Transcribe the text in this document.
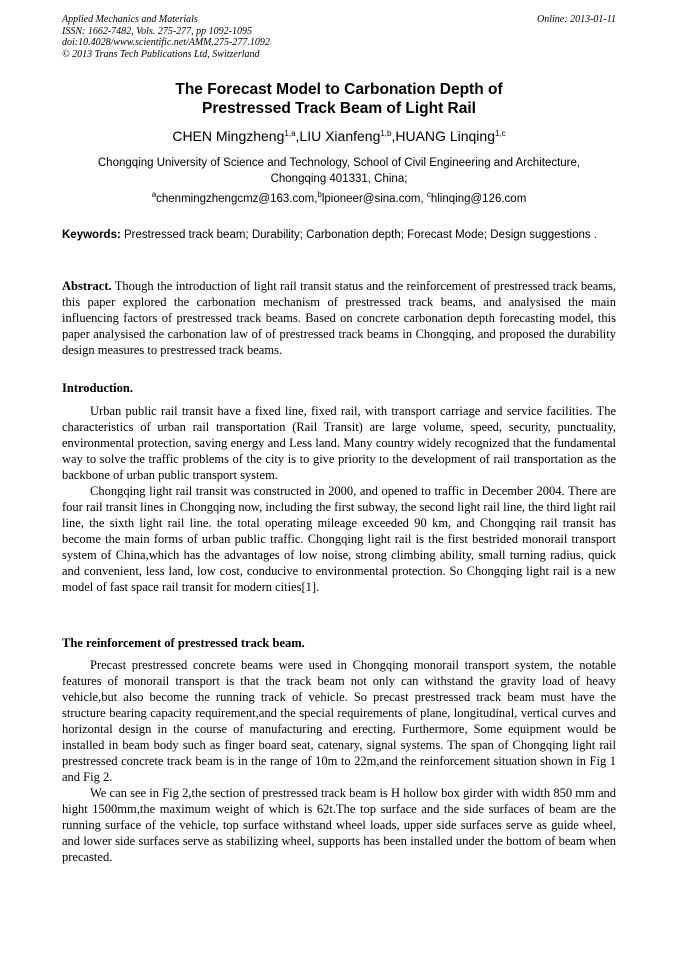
Applied Mechanics and Materials
ISSN: 1662-7482, Vols. 275-277, pp 1092-1095
doi:10.4028/www.scientific.net/AMM.275-277.1092
© 2013 Trans Tech Publications Ltd, Switzerland
Online: 2013-01-11
The Forecast Model to Carbonation Depth of
Prestressed Track Beam of Light Rail
CHEN Mingzheng$^{1,a}$,LIU Xianfeng$^{1,b}$,HUANG Linqing$^{1,c}$
Chongqing University of Science and Technology, School of Civil Engineering and Architecture,
Chongqing 401331, China;
$^a$chenmingzhengcmz@163.com,$^b$lpioneer@sina.com, $^c$hlinqing@126.com
Keywords: Prestressed track beam; Durability; Carbonation depth; Forecast Mode; Design suggestions .

Abstract. Though the introduction of light rail transit status and the reinforcement of prestressed track beams, this paper explored the carbonation mechanism of prestressed track beams, and analysised the main influencing factors of prestressed track beams. Based on concrete carbonation depth forecasting model, this paper analysised the carbonation law of of prestressed track beams in Chongqing, and proposed the durability design measures to prestressed track beams.

Introduction.

Urban public rail transit have a fixed line, fixed rail, with transport carriage and service facilities. The characteristics of urban rail transportation (Rail Transit) are large volume, speed, security, punctuality, environmental protection, saving energy and Less land. Many country widely recognized that the fundamental way to solve the traffic problems of the city is to give priority to the development of rail transportation as the backbone of urban public transport system.

Chongqing light rail transit was constructed in 2000, and opened to traffic in December 2004. There are four rail transit lines in Chongqing now, including the first subway, the second light rail line, the third light rail line, the sixth light rail line. the total operating mileage exceeded 90 km, and Chongqing rail transit has become the main forms of urban public traffic. Chongqing light rail is the first bestrided monorail transport system of China,which has the advantages of low noise, strong climbing ability, small turning radius, quick and convenient, less land, low cost, conducive to environmental protection. So Chongqing light rail is a new model of fast space rail transit for modern cities[1].

The reinforcement of prestressed track beam.

Precast prestressed concrete beams were used in Chongqing monorail transport system, the notable features of monorail transport is that the track beam not only can withstand the gravity load of heavy vehicle,but also become the running track of vehicle. So precast prestressed track beam must have the structure bearing capacity requirement,and the special requirements of plane, longitudinal, vertical curves and horizontal design in the course of manufacturing and erecting. Furthermore, Some equipment would be installed in beam body such as finger board seat, catenary, signal systems. The span of Chongqing light rail prestressed concrete track beam is in the range of 10m to 22m,and the reinforcement situation shown in Fig 1 and Fig 2.

We can see in Fig 2,the section of prestressed track beam is H hollow box girder with width 850 mm and hight 1500mm,the maximum weight of which is 62t.The top surface and the side surfaces of beam are the running surface of the vehicle, top surface withstand wheel loads, upper side surfaces serve as guide wheel, and lower side surfaces serve as stabilizing wheel, supports has been installed under the bottom of beam when precasted.
